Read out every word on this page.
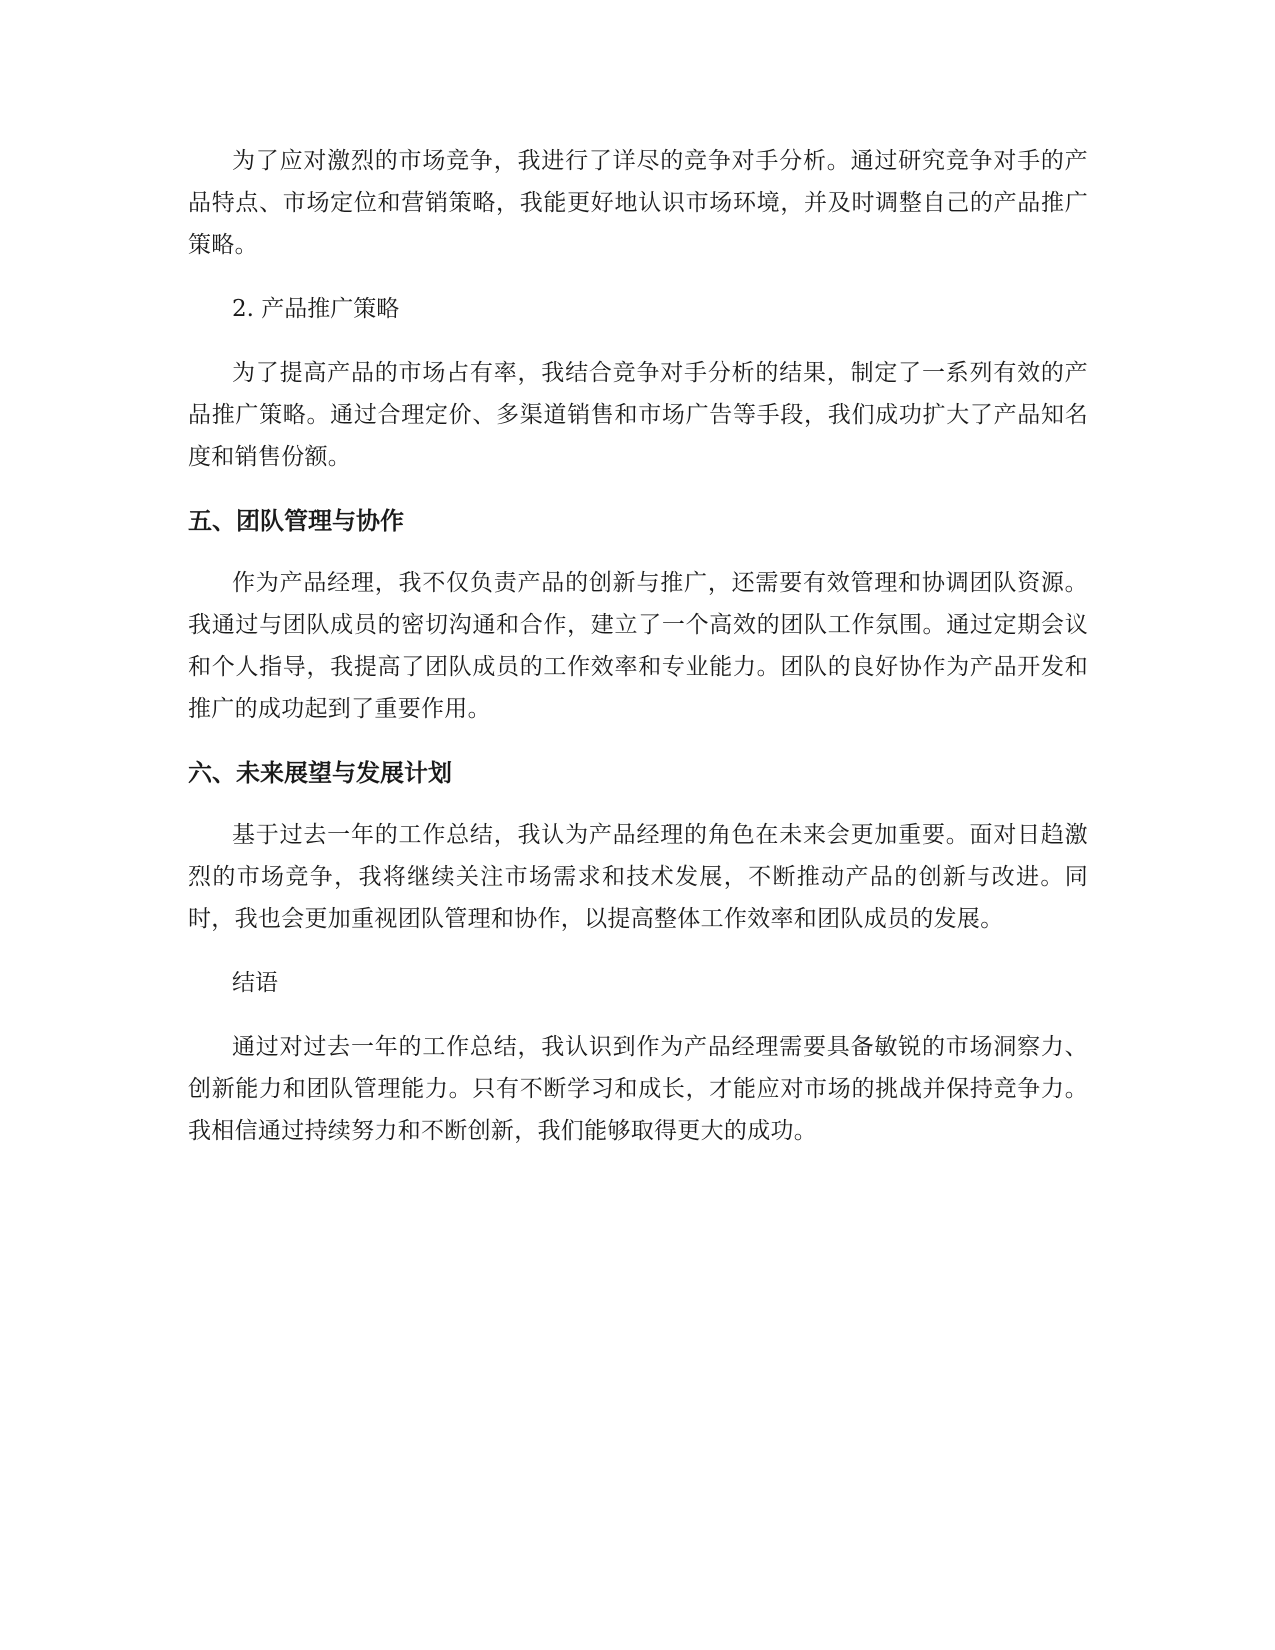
为了应对激烈的市场竞争，我进行了详尽的竞争对手分析。通过研究竞争对手的产品特点、市场定位和营销策略，我能更好地认识市场环境，并及时调整自己的产品推广策略。

2. 产品推广策略

为了提高产品的市场占有率，我结合竞争对手分析的结果，制定了一系列有效的产品推广策略。通过合理定价、多渠道销售和市场广告等手段，我们成功扩大了产品知名度和销售份额。

五、团队管理与协作

作为产品经理，我不仅负责产品的创新与推广，还需要有效管理和协调团队资源。我通过与团队成员的密切沟通和合作，建立了一个高效的团队工作氛围。通过定期会议和个人指导，我提高了团队成员的工作效率和专业能力。团队的良好协作为产品开发和推广的成功起到了重要作用。

六、未来展望与发展计划

基于过去一年的工作总结，我认为产品经理的角色在未来会更加重要。面对日趋激烈的市场竞争，我将继续关注市场需求和技术发展，不断推动产品的创新与改进。同时，我也会更加重视团队管理和协作，以提高整体工作效率和团队成员的发展。

结语

通过对过去一年的工作总结，我认识到作为产品经理需要具备敏锐的市场洞察力、创新能力和团队管理能力。只有不断学习和成长，才能应对市场的挑战并保持竞争力。我相信通过持续努力和不断创新，我们能够取得更大的成功。
